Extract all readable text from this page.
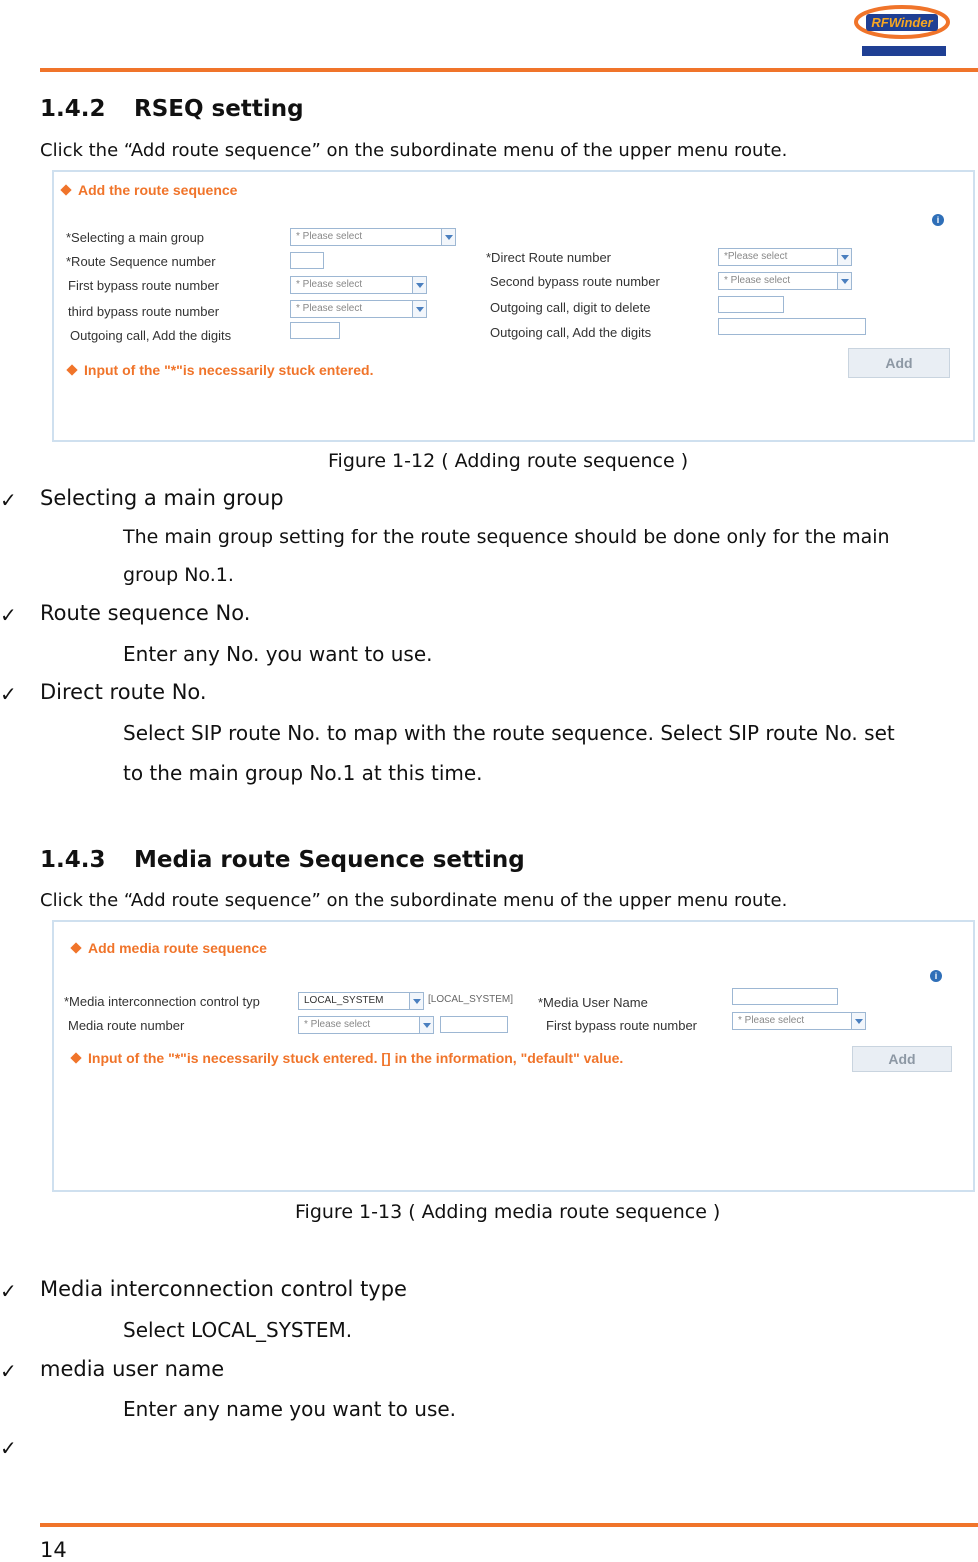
RFWinder
1.4.2 RSEQ setting
Click the “Add route sequence” on the subordinate menu of the upper menu route.
Add the route sequence
i
*Selecting a main group	* Please select
*Route Sequence number
First bypass route number	* Please select
third bypass route number	* Please select
Outgoing call, Add the digits
*Direct Route number	*Please select
Second bypass route number	* Please select
Outgoing call, digit to delete
Outgoing call, Add the digits
Add
Input of the "*"is necessarily stuck entered.
Figure 1-12 ( Adding route sequence )
✓ Selecting a main group
The main group setting for the route sequence should be done only for the main
group No.1.
✓ Route sequence No.
Enter any No. you want to use.
✓ Direct route No.
Select SIP route No. to map with the route sequence. Select SIP route No. set
to the main group No.1 at this time.
1.4.3 Media route Sequence setting
Click the “Add route sequence” on the subordinate menu of the upper menu route.
Add media route sequence
i
*Media interconnection control typ	LOCAL_SYSTEM	[LOCAL_SYSTEM]
Media route number	* Please select
*Media User Name
First bypass route number	* Please select
Add
Input of the "*"is necessarily stuck entered. [] in the information, "default" value.
Figure 1-13 ( Adding media route sequence )
✓ Media interconnection control type
Select LOCAL_SYSTEM.
✓ media user name
Enter any name you want to use.
✓
14
